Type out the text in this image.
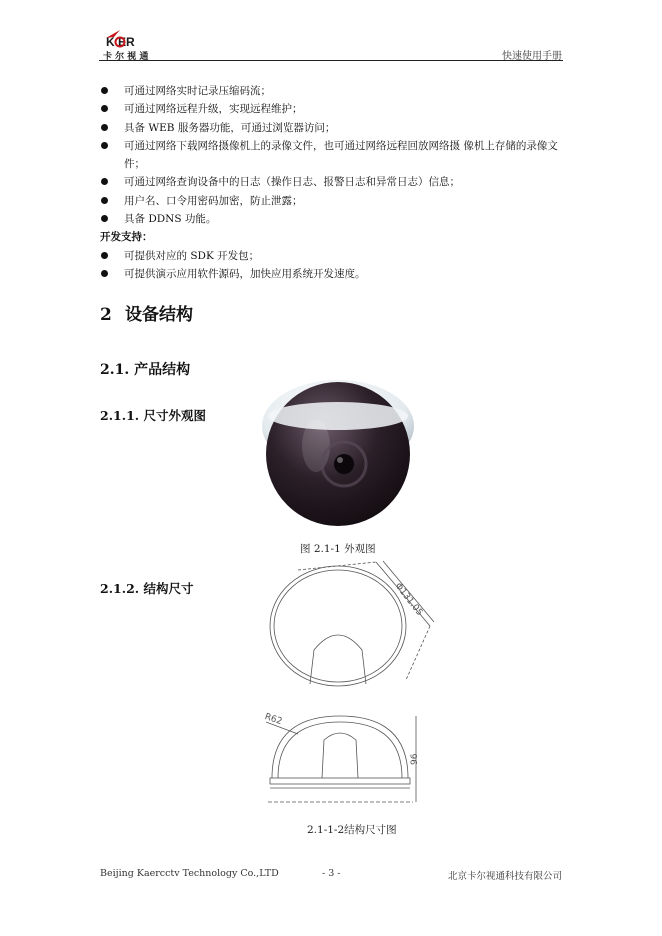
K ER
卡 尔 视 通	快速使用手册
可通过网络实时记录压缩码流；
可通过网络远程升级，实现远程维护；
具备 WEB 服务器功能，可通过浏览器访问；
可通过网络下载网络摄像机上的录像文件，也可通过网络远程回放网络摄 像机上存储的录像文件；
可通过网络查询设备中的日志（操作日志、报警日志和异常日志）信息；
用户名、口令用密码加密，防止泄露；
具备 DDNS 功能。
开发支持：
可提供对应的 SDK 开发包；
可提供演示应用软件源码，加快应用系统开发速度。
2 设备结构
2.1. 产品结构
2.1.1. 尺寸外观图
图 2.1-1 外观图
2.1.2. 结构尺寸	Φ131.05
96
R62
2.1-1-2结构尺寸图
Beijing Kaercctv Technology Co.,LTD	- 3 -	北京卡尔视通科技有限公司
